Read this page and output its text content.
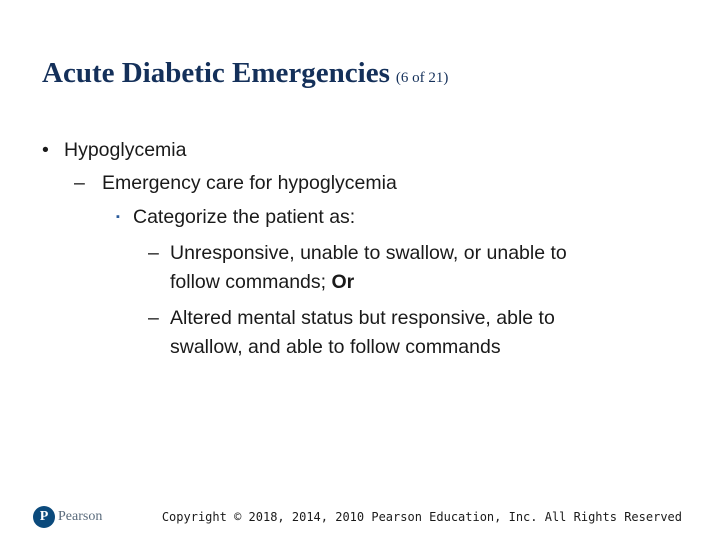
Acute Diabetic Emergencies (6 of 21)
• Hypoglycemia
– Emergency care for hypoglycemia
▪ Categorize the patient as:
– Unresponsive, unable to swallow, or unable to
follow commands; Or
– Altered mental status but responsive, able to
swallow, and able to follow commands
P Pearson	Copyright © 2018, 2014, 2010 Pearson Education, Inc. All Rights Reserved
